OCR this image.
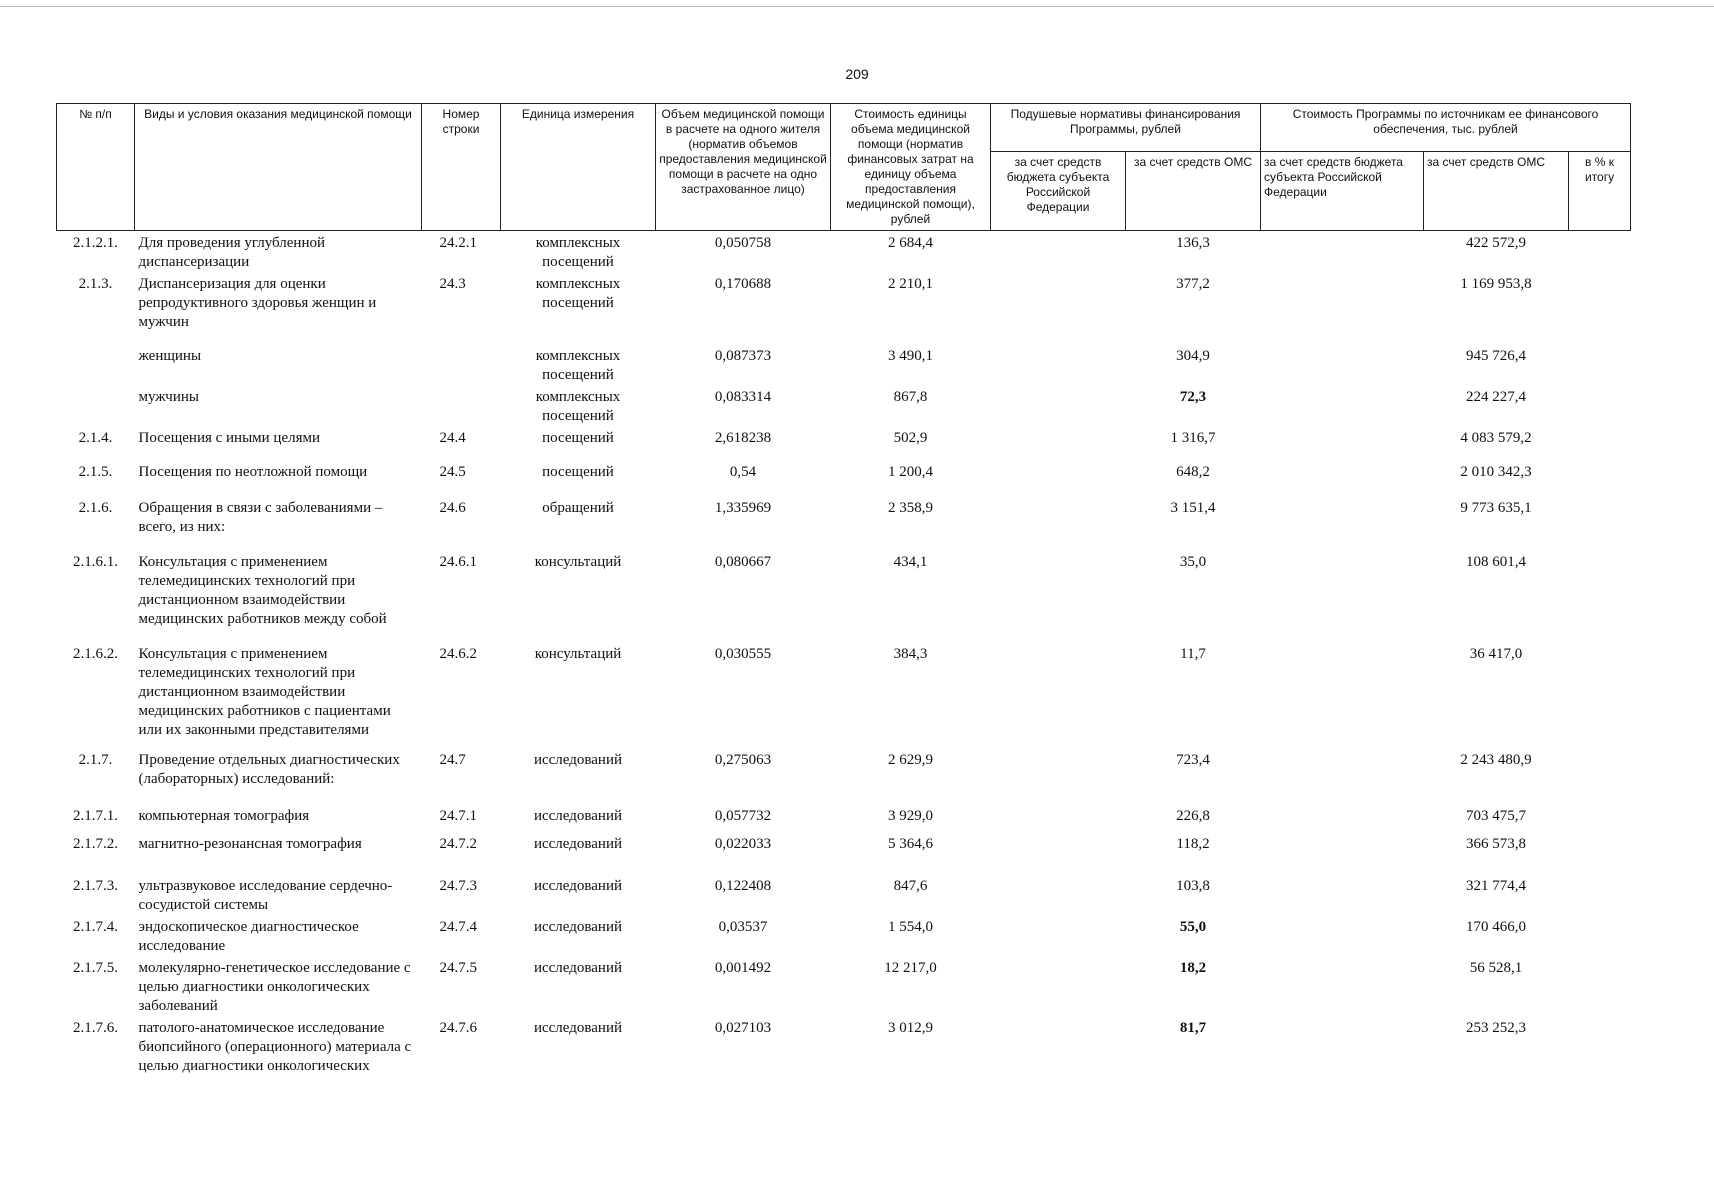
209
№ п/п	Виды и условия оказания медицинской помощи	Номер строки	Единица измерения	Объем медицинской помощи в расчете на одного жителя (норматив объемов предоставления медицинской помощи в расчете на одно застрахованное лицо)	Стоимость единицы объема медицинской помощи (норматив финансовых затрат на единицу объема предоставления медицинской помощи), рублей	Подушевые нормативы финансирования Программы, рублей		Стоимость Программы по источникам ее финансового обеспечения, тыс. рублей		
						за счет средств бюджета субъекта Российской Федерации	за счет средств ОМС	за счет средств бюджета субъекта Российской Федерации	за счет средств ОМС	в % к итогу
2.1.2.1.	Для проведения углубленной диспансеризации	24.2.1	комплексных посещений	0,050758	2 684,4		136,3		422 572,9	
2.1.3.	Диспансеризация для оценки репродуктивного здоровья женщин и мужчин	24.3	комплексных посещений	0,170688	2 210,1		377,2		1 169 953,8	
	женщины		комплексных посещений	0,087373	3 490,1		304,9		945 726,4	
	мужчины		комплексных посещений	0,083314	867,8		72,3		224 227,4	
2.1.4.	Посещения с иными целями	24.4	посещений	2,618238	502,9		1 316,7		4 083 579,2	
2.1.5.	Посещения по неотложной помощи	24.5	посещений	0,54	1 200,4		648,2		2 010 342,3	
2.1.6.	Обращения в связи с заболеваниями – всего, из них:	24.6	обращений	1,335969	2 358,9		3 151,4		9 773 635,1	
2.1.6.1.	Консультация с применением телемедицинских технологий при дистанционном взаимодействии медицинских работников между собой	24.6.1	консультаций	0,080667	434,1		35,0		108 601,4	
2.1.6.2.	Консультация с применением телемедицинских технологий при дистанционном взаимодействии медицинских работников с пациентами или их законными представителями	24.6.2	консультаций	0,030555	384,3		11,7		36 417,0	
2.1.7.	Проведение отдельных диагностических (лабораторных) исследований:	24.7	исследований	0,275063	2 629,9		723,4		2 243 480,9	
2.1.7.1.	компьютерная томография	24.7.1	исследований	0,057732	3 929,0		226,8		703 475,7	
2.1.7.2.	магнитно-резонансная томография	24.7.2	исследований	0,022033	5 364,6		118,2		366 573,8	
2.1.7.3.	ультразвуковое исследование сердечно-сосудистой системы	24.7.3	исследований	0,122408	847,6		103,8		321 774,4	
2.1.7.4.	эндоскопическое диагностическое исследование	24.7.4	исследований	0,03537	1 554,0		55,0		170 466,0	
2.1.7.5.	молекулярно-генетическое исследование с целью диагностики онкологических заболеваний	24.7.5	исследований	0,001492	12 217,0		18,2		56 528,1	
2.1.7.6.	патолого-анатомическое исследование биопсийного (операционного) материала с целью диагностики онкологических	24.7.6	исследований	0,027103	3 012,9		81,7		253 252,3	
